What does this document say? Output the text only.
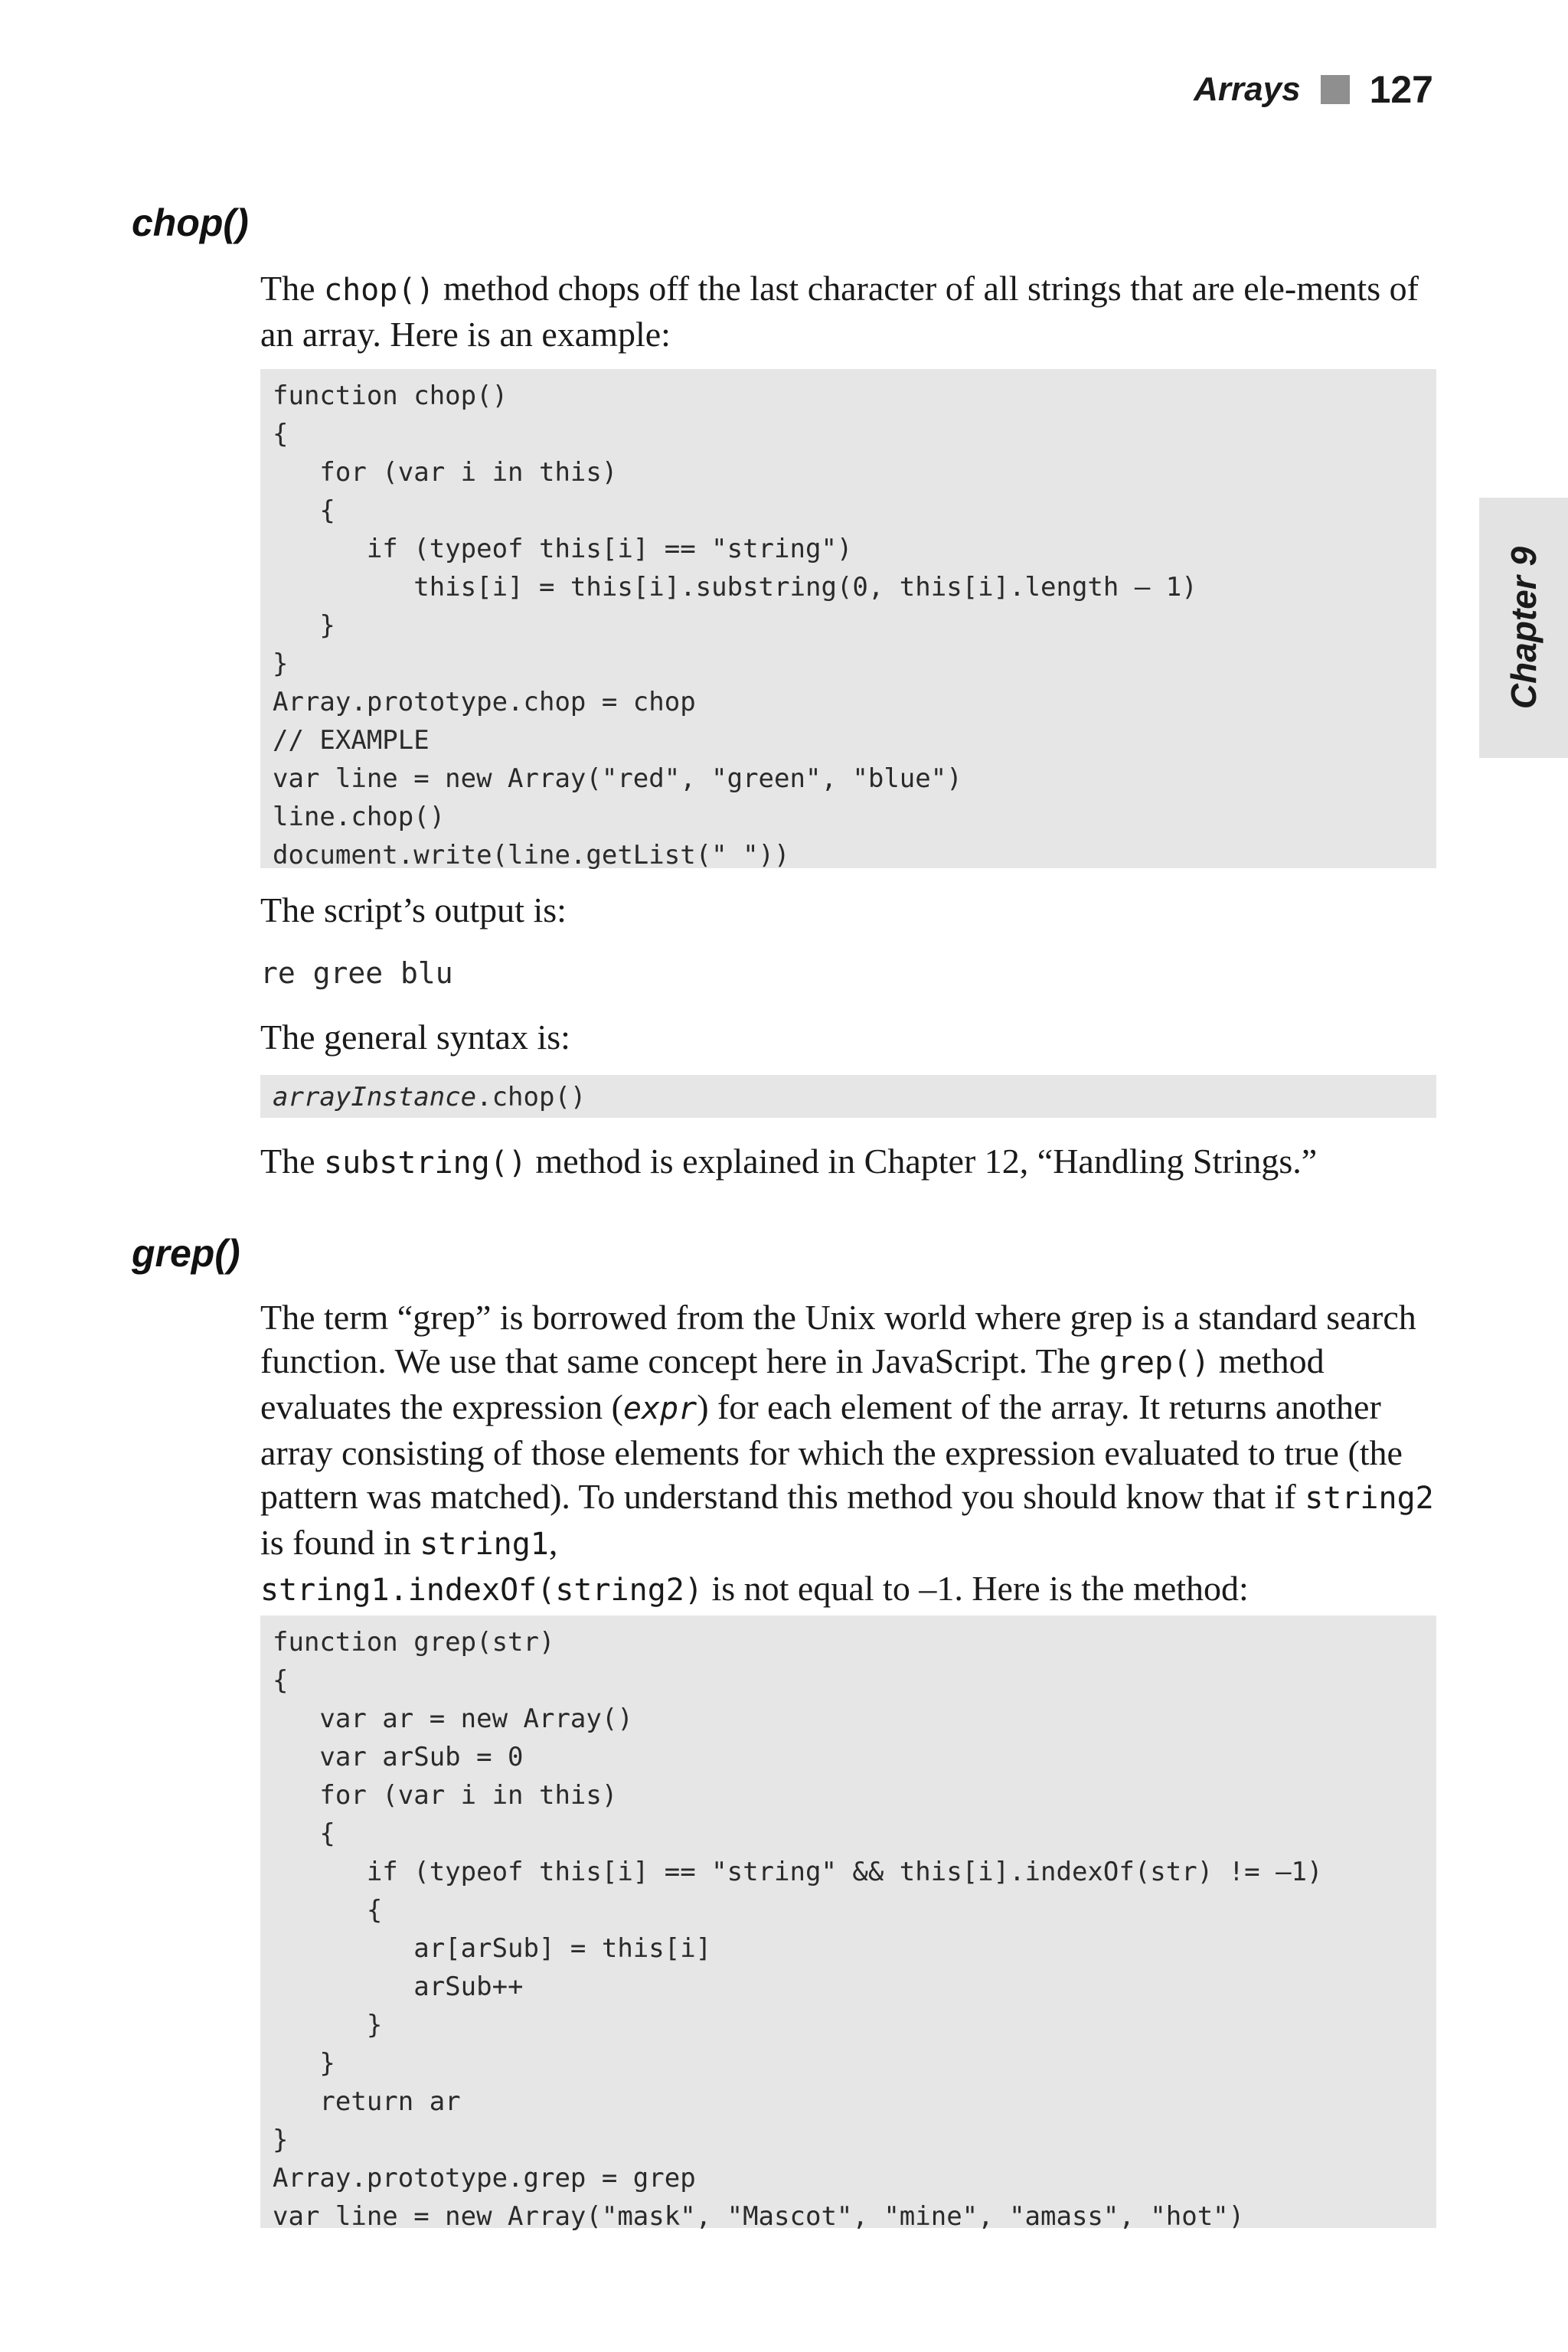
Arrays 127
Chapter 9
chop()

The chop() method chops off the last character of all strings that are ele-ments of an array. Here is an example:

function chop()
{
for (var i in this)
{
if (typeof this[i] == "string")
this[i] = this[i].substring(0, this[i].length – 1)
}
}
Array.prototype.chop = chop
// EXAMPLE
var line = new Array("red", "green", "blue")
line.chop()
document.write(line.getList(" "))

The script’s output is:

re gree blu

The general syntax is:

arrayInstance.chop()

The substring() method is explained in Chapter 12, “Handling Strings.”

grep()

The term “grep” is borrowed from the Unix world where grep is a standard search function. We use that same concept here in JavaScript. The grep() method evaluates the expression (expr) for each element of the array. It returns another array consisting of those elements for which the expression evaluated to true (the pattern was matched). To understand this method you should know that if string2 is found in string1,
string1.indexOf(string2) is not equal to –1. Here is the method:

function grep(str)
{
var ar = new Array()
var arSub = 0
for (var i in this)
{
if (typeof this[i] == "string" && this[i].indexOf(str) != –1)
{
ar[arSub] = this[i]
arSub++
}
}
return ar
}
Array.prototype.grep = grep
var line = new Array("mask", "Mascot", "mine", "amass", "hot")
